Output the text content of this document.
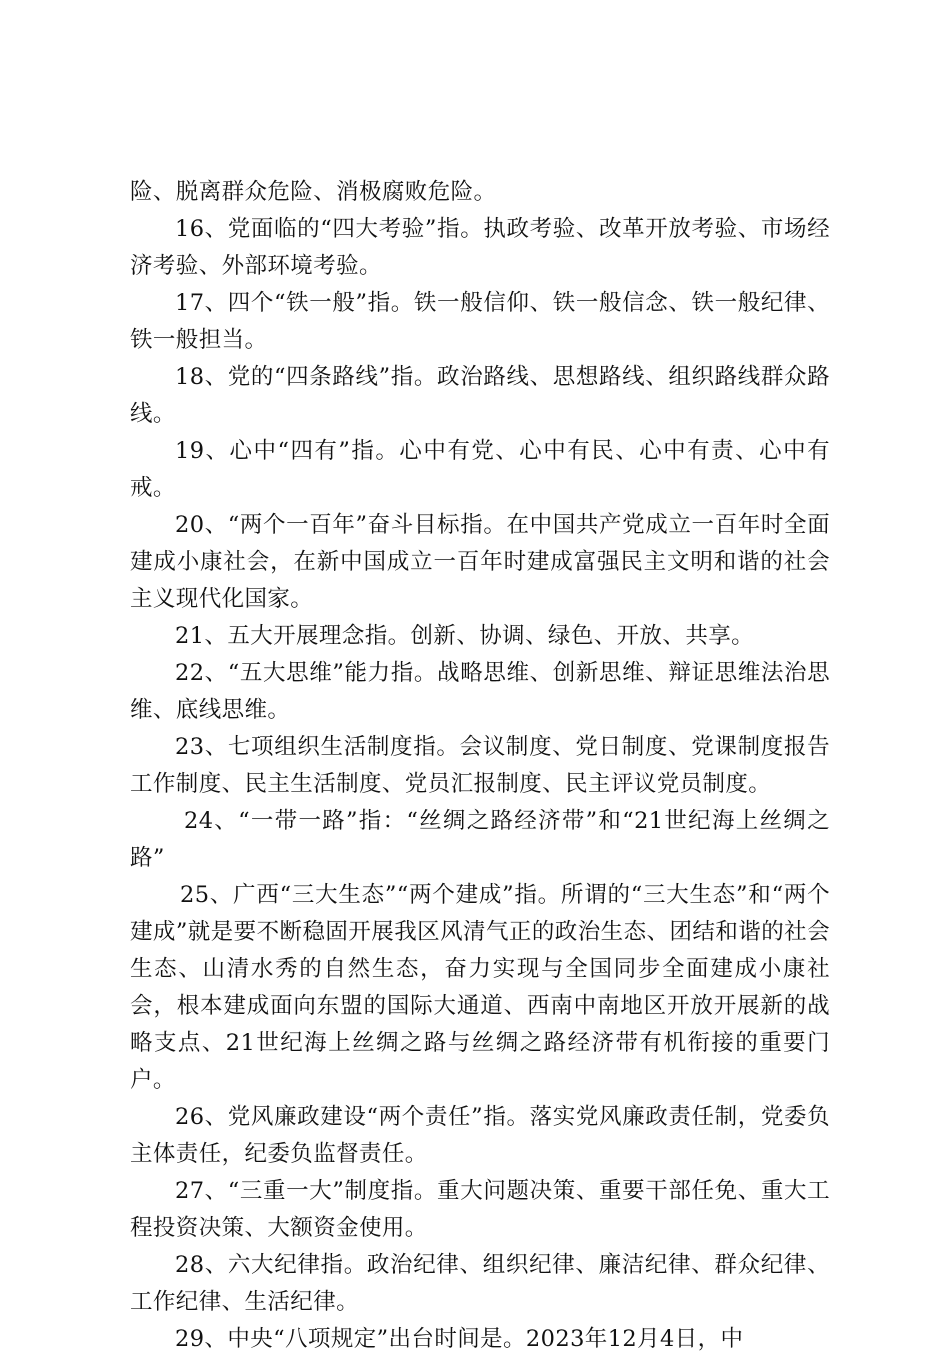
险、脱离群众危险、消极腐败危险。

16、党面临的“四大考验”指。执政考验、改革开放考验、市场经济考验、外部环境考验。

17、四个“铁一般”指。铁一般信仰、铁一般信念、铁一般纪律、铁一般担当。

18、党的“四条路线”指。政治路线、思想路线、组织路线群众路线。

19、心中“四有”指。心中有党、心中有民、心中有责、心中有戒。

20、“两个一百年”奋斗目标指。在中国共产党成立一百年时全面建成小康社会，在新中国成立一百年时建成富强民主文明和谐的社会主义现代化国家。

21、五大开展理念指。创新、协调、绿色、开放、共享。

22、“五大思维”能力指。战略思维、创新思维、辩证思维法治思维、底线思维。

23、七项组织生活制度指。会议制度、党日制度、党课制度报告工作制度、民主生活制度、党员汇报制度、民主评议党员制度。

24、“一带一路”指：“丝绸之路经济带”和“21世纪海上丝绸之路”

25、广西“三大生态”“两个建成”指。所谓的“三大生态”和“两个建成”就是要不断稳固开展我区风清气正的政治生态、团结和谐的社会生态、山清水秀的自然生态，奋力实现与全国同步全面建成小康社会，根本建成面向东盟的国际大通道、西南中南地区开放开展新的战略支点、21世纪海上丝绸之路与丝绸之路经济带有机衔接的重要门户。

26、党风廉政建设“两个责任”指。落实党风廉政责任制，党委负主体责任，纪委负监督责任。

27、“三重一大”制度指。重大问题决策、重要干部任免、重大工程投资决策、大额资金使用。

28、六大纪律指。政治纪律、组织纪律、廉洁纪律、群众纪律、工作纪律、生活纪律。

29、中央“八项规定”出台时间是。2023年12月4日，中
